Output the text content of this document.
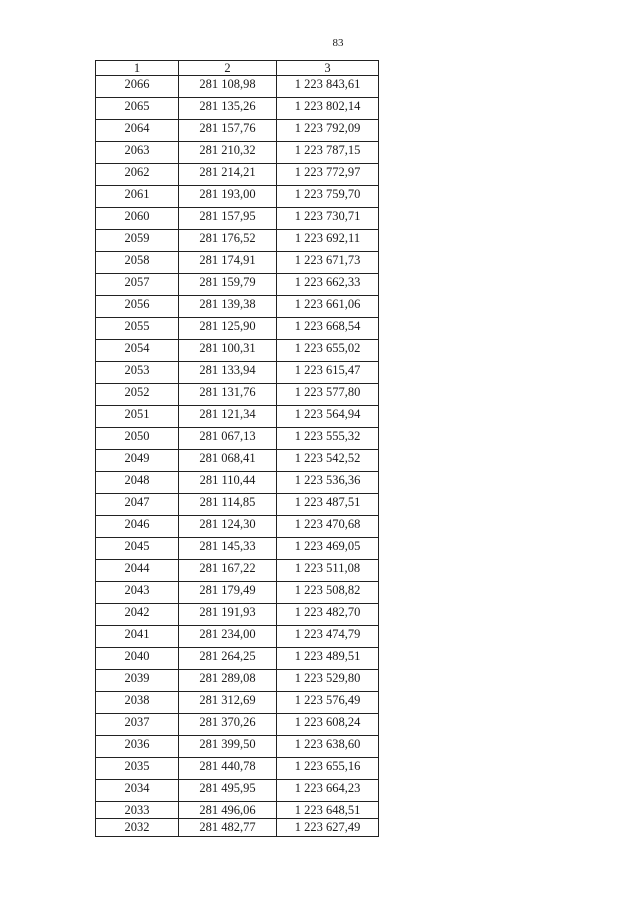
83
1	2	3
2066	281 108,98	1 223 843,61
2065	281 135,26	1 223 802,14
2064	281 157,76	1 223 792,09
2063	281 210,32	1 223 787,15
2062	281 214,21	1 223 772,97
2061	281 193,00	1 223 759,70
2060	281 157,95	1 223 730,71
2059	281 176,52	1 223 692,11
2058	281 174,91	1 223 671,73
2057	281 159,79	1 223 662,33
2056	281 139,38	1 223 661,06
2055	281 125,90	1 223 668,54
2054	281 100,31	1 223 655,02
2053	281 133,94	1 223 615,47
2052	281 131,76	1 223 577,80
2051	281 121,34	1 223 564,94
2050	281 067,13	1 223 555,32
2049	281 068,41	1 223 542,52
2048	281 110,44	1 223 536,36
2047	281 114,85	1 223 487,51
2046	281 124,30	1 223 470,68
2045	281 145,33	1 223 469,05
2044	281 167,22	1 223 511,08
2043	281 179,49	1 223 508,82
2042	281 191,93	1 223 482,70
2041	281 234,00	1 223 474,79
2040	281 264,25	1 223 489,51
2039	281 289,08	1 223 529,80
2038	281 312,69	1 223 576,49
2037	281 370,26	1 223 608,24
2036	281 399,50	1 223 638,60
2035	281 440,78	1 223 655,16
2034	281 495,95	1 223 664,23
2033	281 496,06	1 223 648,51
2032	281 482,77	1 223 627,49
